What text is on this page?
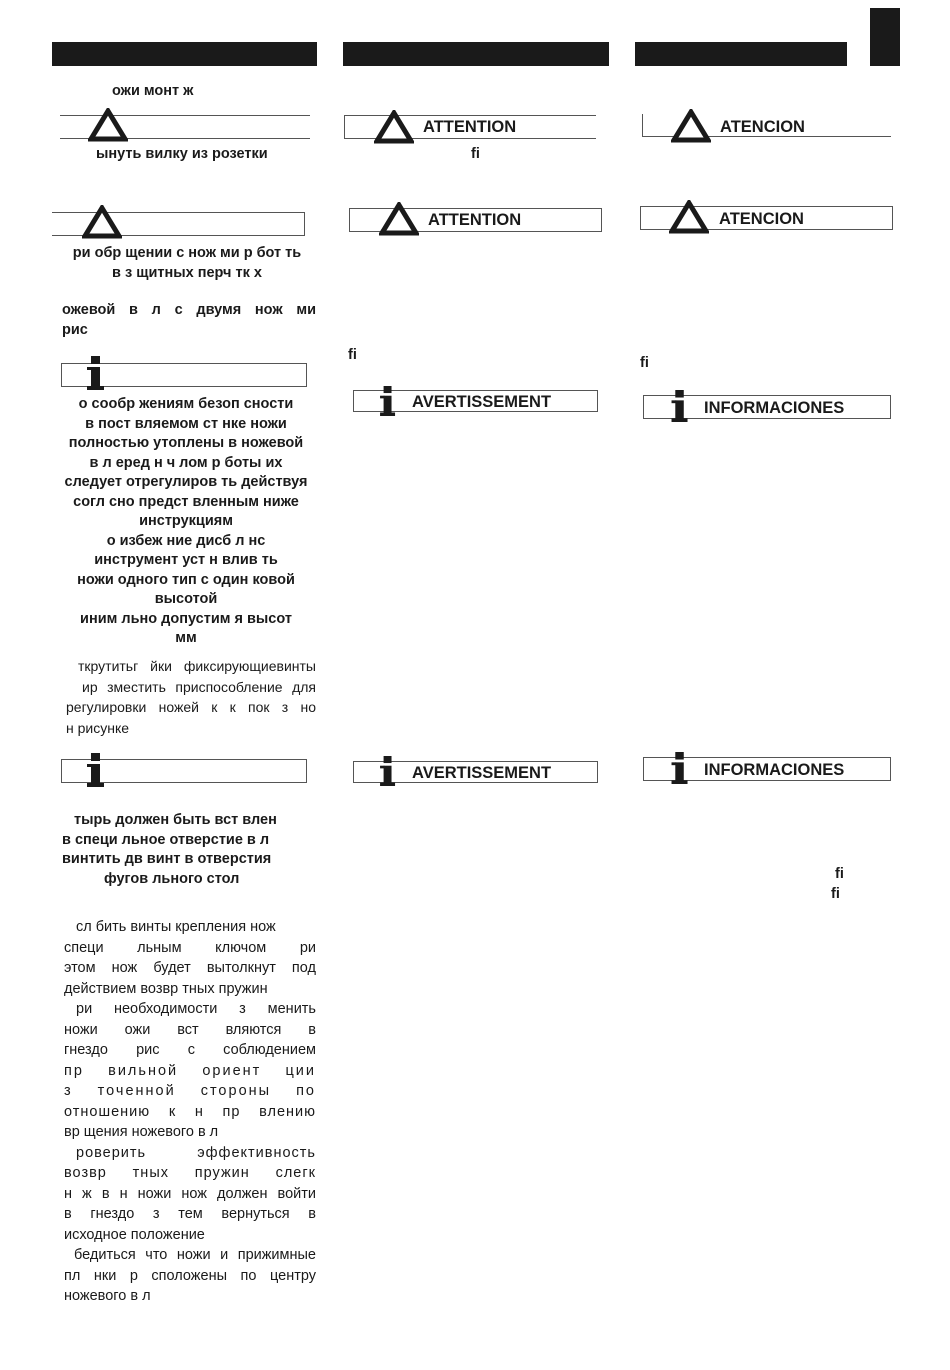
ожи монт ж
ынуть вилку из розетки
ри обр щении с нож ми р бот ть
в з щитных перч тк х
ожевой в л с двумя нож ми
рис
о сообр жениям безоп сности
в пост вляемом ст нке ножи
полностью утоплены в ножевой
в л еред н ч лом р боты их
следует отрегулиров ть действуя
согл сно предст вленным ниже
инструкциям
о избеж ние дисб л нс
инструмент уст н влив ть
ножи одного тип с один ковой
высотой
иним льно допустим я высот
мм
ткрутитьг йки фиксирующиевинты
ир зместить приспособление для
регулировки ножей к к пок з но
н рисунке
тырь должен быть вст влен
в специ льное отверстие в л
винтить дв винт в отверстия
фугов льного стол
сл бить винты крепления нож
специ льным ключом ри
этом нож будет вытолкнут под
действием возвр тных пружин
ри необходимости з менить
ножи ожи вст вляются в
гнездо рис с соблюдением
пр вильной ориент ции
з точенной стороны по
отношению к н пр влению
вр щения ножевого в л
роверить эффективность
возвр тных пружин слегк
н ж в н ножи нож должен войти
в гнездо з тем вернуться в
исходное положение
бедиться что ножи и прижимные
пл нки р сположены по центру
ножевого в л
ATTENTION
fi
ATTENTION
fi
AVERTISSEMENT
AVERTISSEMENT
ATENCION
ATENCION
fi
INFORMACIONES
INFORMACIONES
fi
fi
